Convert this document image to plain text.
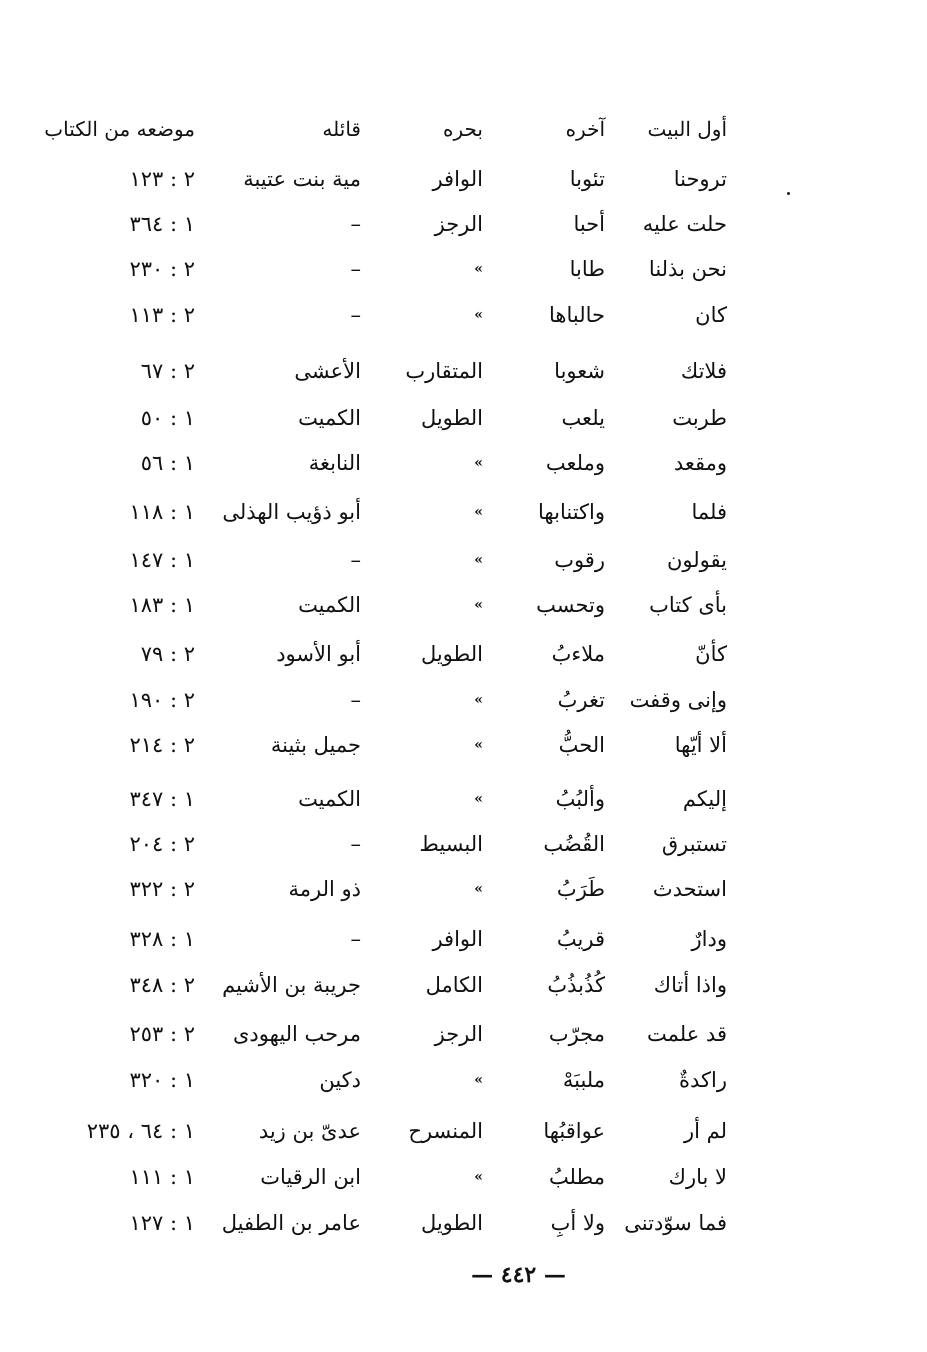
أول البيت
آخره
بحره
قائله
موضعه من الكتاب
تروحنا
تئوبا
الوافر
مية بنت عتيبة
٢ : ١٢٣
حلت عليه
أحبا
الرجز
–
١ : ٣٦٤
نحن بذلنا
طابا
»
–
٢ : ٢٣٠
كان
حالباها
»
–
٢ : ١١٣
فلاتك
شعوبا
المتقارب
الأعشى
٢ : ٦٧
طربت
يلعب
الطويل
الكميت
١ : ٥٠
ومقعد
وملعب
»
النابغة
١ : ٥٦
فلما
واكتنابها
»
أبو ذؤيب الهذلى
١ : ١١٨
يقولون
رقوب
»
–
١ : ١٤٧
بأى كتاب
وتحسب
»
الكميت
١ : ١٨٣
كأنّ
ملاءبُ
الطويل
أبو الأسود
٢ : ٧٩
وإنى وقفت
تغربُ
»
–
٢ : ١٩٠
ألا أيّها
الحبُّ
»
جميل بثينة
٢ : ٢١٤
إليكم
وألبُبُ
»
الكميت
١ : ٣٤٧
تستبرق
القُضُب
البسيط
–
٢ : ٢٠٤
استحدث
طَرَبُ
»
ذو الرمة
٢ : ٣٢٢
ودارٌ
قريبُ
الوافر
–
١ : ٣٢٨
واذا أتاك
كُذُبذُبُ
الكامل
جريبة بن الأشيم
٢ : ٣٤٨
قد علمت
مجرّب
الرجز
مرحب اليهودى
٢ : ٢٥٣
راكدةٌ
ملببَهْ
»
دكين
١ : ٣٢٠
لم أر
عواقبُها
المنسرح
عدىّ بن زيد
١ : ٦٤ ، ٢٣٥
لا بارك
مطلبُ
»
ابن الرقيات
١ : ١١١
فما سوّدتنى
ولا أبِ
الطويل
عامر بن الطفيل
١ : ١٢٧
— ٤٤٢ —
